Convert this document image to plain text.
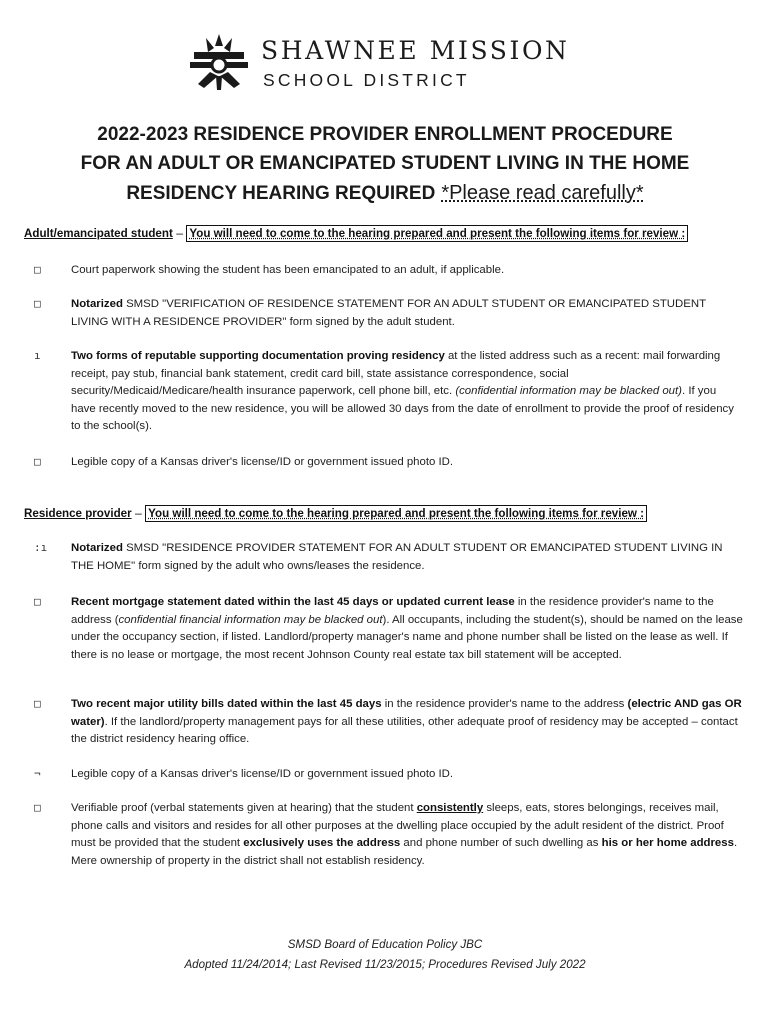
SHAWNEE MISSION
SCHOOL DISTRICT
2022-2023 RESIDENCE PROVIDER ENROLLMENT PROCEDURE
FOR AN ADULT OR EMANCIPATED STUDENT LIVING IN THE HOME
RESIDENCY HEARING REQUIRED *Please read carefully*
Adult/emancipated student – You will need to come to the hearing prepared and present the following items for review :
□	Court paperwork showing the student has been emancipated to an adult, if applicable.
□	Notarized SMSD "VERIFICATION OF RESIDENCE STATEMENT FOR AN ADULT STUDENT OR EMANCIPATED STUDENT LIVING WITH A RESIDENCE PROVIDER" form signed by the adult student.
ı	Two forms of reputable supporting documentation proving residency at the listed address such as a recent: mail forwarding receipt, pay stub, financial bank statement, credit card bill, state assistance correspondence, social security/Medicaid/Medicare/health insurance paperwork, cell phone bill, etc. (confidential information may be blacked out). If you have recently moved to the new residence, you will be allowed 30 days from the date of enrollment to provide the proof of residency to the school(s).
□	Legible copy of a Kansas driver's license/ID or government issued photo ID.
Residence provider – You will need to come to the hearing prepared and present the following items for review :
:ı Notarized SMSD "RESIDENCE PROVIDER STATEMENT FOR AN ADULT STUDENT OR EMANCIPATED STUDENT LIVING IN THE HOME" form signed by the adult who owns/leases the residence.
□	Recent mortgage statement dated within the last 45 days or updated current lease in the residence provider's name to the address (confidential financial information may be blacked out). All occupants, including the student(s), should be named on the lease under the occupancy section, if listed. Landlord/property manager's name and phone number shall be listed on the lease as well. If there is no lease or mortgage, the most recent Johnson County real estate tax bill statement will be accepted.
□	Two recent major utility bills dated within the last 45 days in the residence provider's name to the address (electric AND gas OR water). If the landlord/property management pays for all these utilities, other adequate proof of residency may be accepted – contact the district residency hearing office.
¬	Legible copy of a Kansas driver's license/ID or government issued photo ID.
□	Verifiable proof (verbal statements given at hearing) that the student consistently sleeps, eats, stores belongings, receives mail, phone calls and visitors and resides for all other purposes at the dwelling place occupied by the adult resident of the district. Proof must be provided that the student exclusively uses the address and phone number of such dwelling as his or her home address. Mere ownership of property in the district shall not establish residency.
SMSD Board of Education Policy JBC
Adopted 11/24/2014; Last Revised 11/23/2015; Procedures Revised July 2022
